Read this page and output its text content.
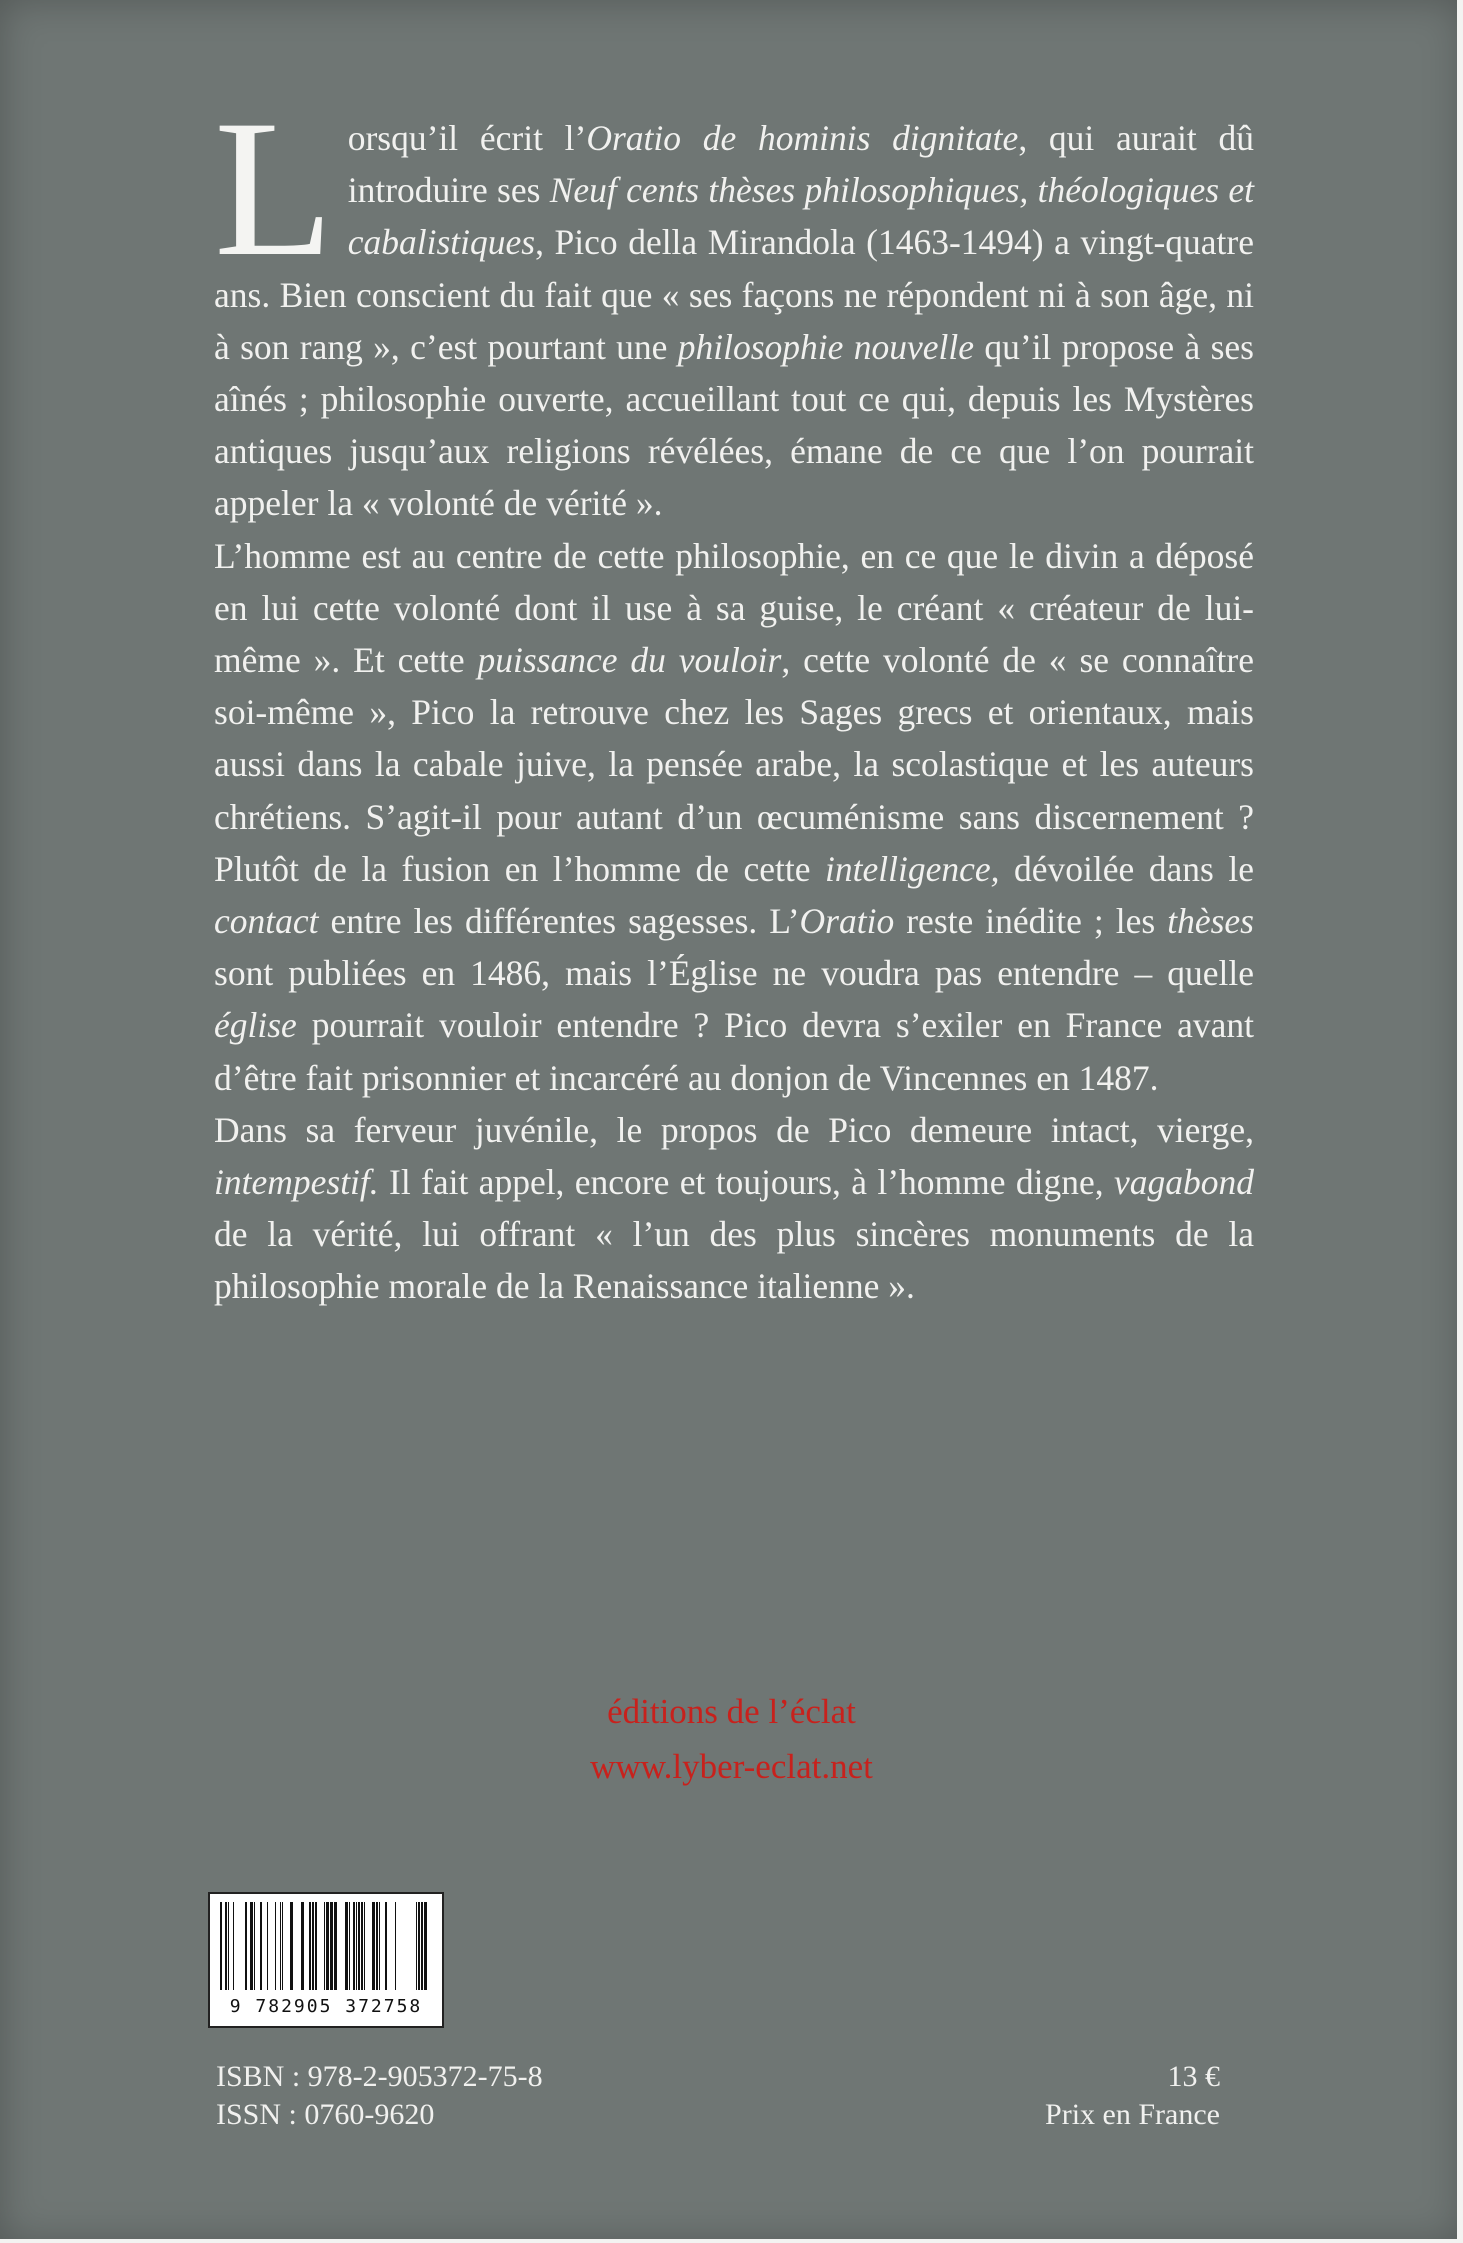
L orsqu’il écrit l’Oratio de hominis dignitate, qui aurait dû introduire ses Neuf cents thèses philosophiques, théologiques et cabalistiques, Pico della Mirandola (1463-1494) a vingt-quatre ans. Bien conscient du fait que « ses façons ne répondent ni à son âge, ni à son rang », c’est pourtant une philosophie nouvelle qu’il propose à ses aînés ; philosophie ouverte, accueillant tout ce qui, depuis les Mystères antiques jusqu’aux religions révélées, émane de ce que l’on pourrait appeler la « volonté de vérité ».

L’homme est au centre de cette philosophie, en ce que le divin a déposé en lui cette volonté dont il use à sa guise, le créant « créateur de lui-même ». Et cette puissance du vouloir, cette volonté de « se connaître soi-même », Pico la retrouve chez les Sages grecs et orientaux, mais aussi dans la cabale juive, la pensée arabe, la scolastique et les auteurs chrétiens. S’agit-il pour autant d’un œcuménisme sans discernement ? Plutôt de la fusion en l’homme de cette intelligence, dévoilée dans le contact entre les différentes sagesses. L’Oratio reste inédite ; les thèses sont publiées en 1486, mais l’Église ne voudra pas entendre – quelle église pourrait vouloir entendre ? Pico devra s’exiler en France avant d’être fait prisonnier et incarcéré au donjon de Vincennes en 1487.

Dans sa ferveur juvénile, le propos de Pico demeure intact, vierge, intempestif. Il fait appel, encore et toujours, à l’homme digne, vagabond de la vérité, lui offrant « l’un des plus sincères monuments de la philosophie morale de la Renaissance italienne ».

éditions de l’éclat
www.lyber-eclat.net
9 782905 372758
ISBN : 978-2-905372-75-8
ISSN : 0760-9620
13 €
Prix en France
